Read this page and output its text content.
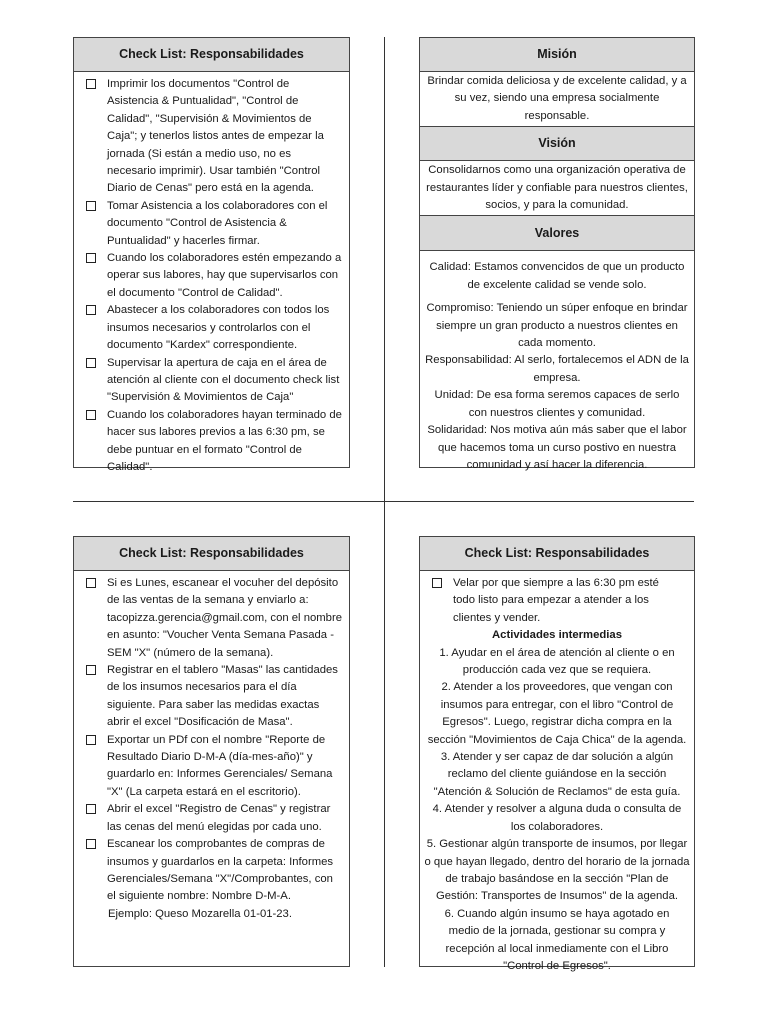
Check List: Responsabilidades
Imprimir los documentos "Control de Asistencia & Puntualidad", "Control de Calidad", "Supervisión & Movimientos de Caja"; y tenerlos listos antes de empezar la jornada (Si están a medio uso, no es necesario imprimir). Usar también "Control Diario de Cenas" pero está en la agenda.
Tomar Asistencia a los colaboradores con el documento "Control de Asistencia & Puntualidad" y hacerles firmar.
Cuando los colaboradores estén empezando a operar sus labores, hay que supervisarlos con el documento "Control de Calidad".
Abastecer a los colaboradores con todos los insumos necesarios y controlarlos con el documento "Kardex" correspondiente.
Supervisar la apertura de caja en el área de atención al cliente con el documento check list "Supervisión & Movimientos de Caja"
Cuando los colaboradores hayan terminado de hacer sus labores previos a las 6:30 pm, se debe puntuar en el formato "Control de Calidad".
Misión
Brindar comida deliciosa y de excelente calidad, y a su vez, siendo una empresa socialmente responsable.
Visión
Consolidarnos como una organización operativa de restaurantes líder y confiable para nuestros clientes, socios, y para la comunidad.
Valores
Calidad: Estamos convencidos de que un producto de excelente calidad se vende solo.
Compromiso: Teniendo un súper enfoque en brindar siempre un gran producto a nuestros clientes en cada momento.
Responsabilidad: Al serlo, fortalecemos el ADN de la empresa.
Unidad: De esa forma seremos capaces de serlo con nuestros clientes y comunidad.
Solidaridad: Nos motiva aún más saber que el labor que hacemos toma un curso postivo en nuestra comunidad y así hacer la diferencia.
Check List: Responsabilidades
Si es Lunes, escanear el vocuher del depósito de las ventas de la semana y enviarlo a: tacopizza.gerencia@gmail.com, con el nombre en asunto: "Voucher Venta Semana Pasada - SEM "X" (número de la semana).
Registrar en el tablero "Masas" las cantidades de los insumos necesarios para el día siguiente. Para saber las medidas exactas abrir el excel "Dosificación de Masa".
Exportar un PDf con el nombre "Reporte de Resultado Diario D-M-A (día-mes-año)" y guardarlo en: Informes Gerenciales/ Semana "X" (La carpeta estará en el escritorio).
Abrir el excel "Registro de Cenas" y registrar las cenas del menú elegidas por cada uno.
Escanear los comprobantes de compras de insumos y guardarlos en la carpeta: Informes Gerenciales/Semana "X"/Comprobantes, con el siguiente nombre: Nombre D-M-A.
Ejemplo: Queso Mozarella 01-01-23.
Check List: Responsabilidades
Velar por que siempre a las 6:30 pm esté todo listo para empezar a atender a los clientes y vender.
Actividades intermedias
1. Ayudar en el área de atención al cliente o en producción cada vez que se requiera.
2. Atender a los proveedores, que vengan con insumos para entregar, con el libro "Control de Egresos". Luego, registrar dicha compra en la sección "Movimientos de Caja Chica" de la agenda.
3. Atender y ser capaz de dar solución a algún reclamo del cliente guiándose en la sección "Atención & Solución de Reclamos" de esta guía.
4. Atender y resolver a alguna duda o consulta de los colaboradores.
5. Gestionar algún transporte de insumos, por llegar o que hayan llegado, dentro del horario de la jornada de trabajo basándose en la sección "Plan de Gestión: Transportes de Insumos" de la agenda.
6. Cuando algún insumo se haya agotado en medio de la jornada, gestionar su compra y recepción al local inmediamente con el Libro "Control de Egresos".
